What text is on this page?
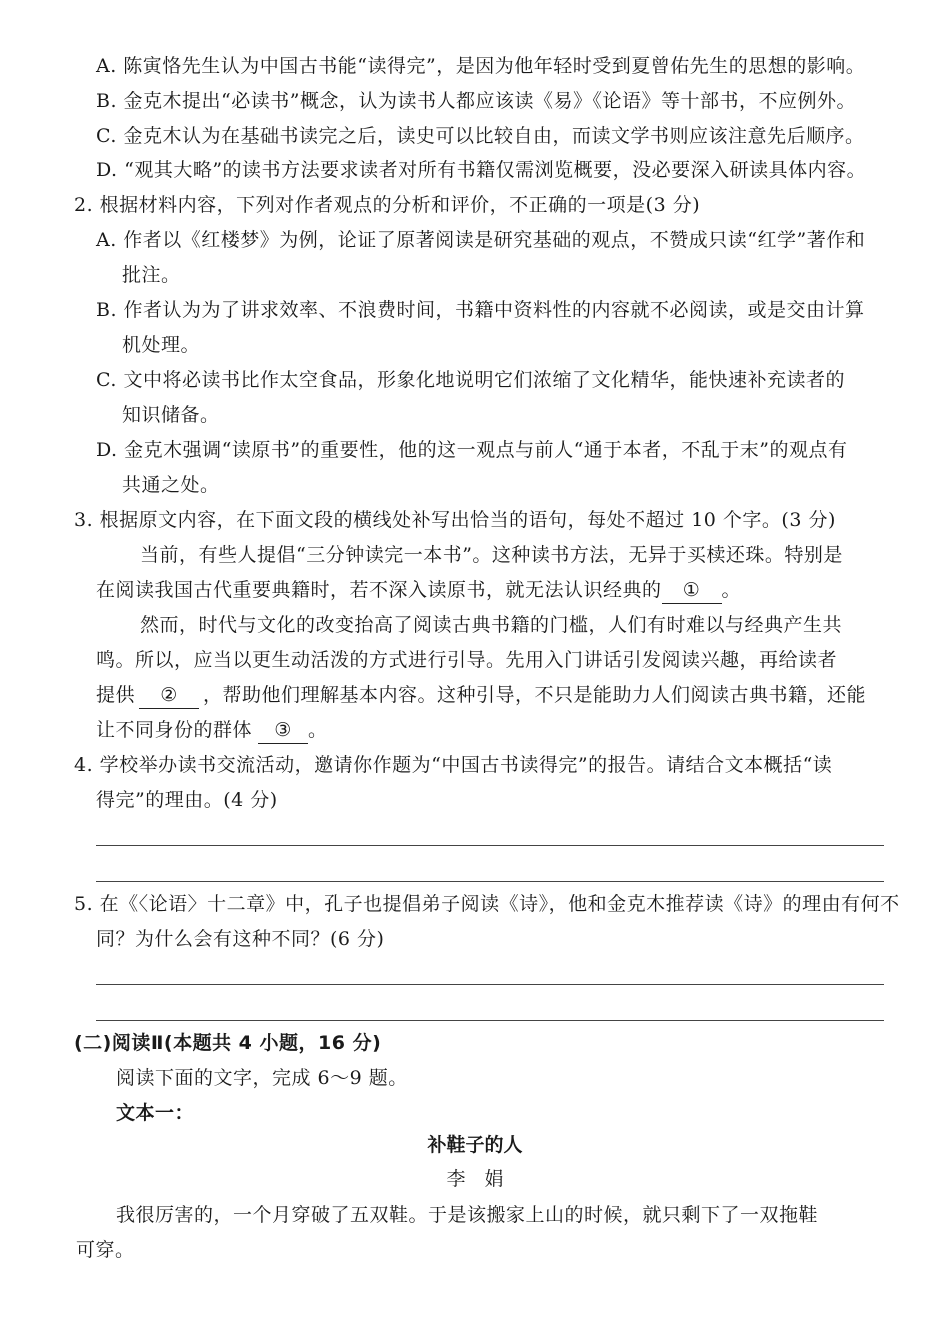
A. 陈寅恪先生认为中国古书能“读得完”，是因为他年轻时受到夏曾佑先生的思想的影响。
B. 金克木提出“必读书”概念，认为读书人都应该读《易》《论语》等十部书，不应例外。
C. 金克木认为在基础书读完之后，读史可以比较自由，而读文学书则应该注意先后顺序。
D. “观其大略”的读书方法要求读者对所有书籍仅需浏览概要，没必要深入研读具体内容。
2. 根据材料内容，下列对作者观点的分析和评价，不正确的一项是(3 分)
A. 作者以《红楼梦》为例，论证了原著阅读是研究基础的观点，不赞成只读“红学”著作和
批注。
B. 作者认为为了讲求效率、不浪费时间，书籍中资料性的内容就不必阅读，或是交由计算
机处理。
C. 文中将必读书比作太空食品，形象化地说明它们浓缩了文化精华，能快速补充读者的
知识储备。
D. 金克木强调“读原书”的重要性，他的这一观点与前人“通于本者，不乱于末”的观点有
共通之处。
3. 根据原文内容，在下面文段的横线处补写出恰当的语句，每处不超过 10 个字。(3 分)
当前，有些人提倡“三分钟读完一本书”。这种读书方法，无异于买椟还珠。特别是
在阅读我国古代重要典籍时，若不深入读原书，就无法认识经典的 ① 。
然而，时代与文化的改变抬高了阅读古典书籍的门槛，人们有时难以与经典产生共
鸣。所以，应当以更生动活泼的方式进行引导。先用入门讲话引发阅读兴趣，再给读者
提供 ② ，帮助他们理解基本内容。这种引导，不只是能助力人们阅读古典书籍，还能
让不同身份的群体 ③ 。
4. 学校举办读书交流活动，邀请你作题为“中国古书读得完”的报告。请结合文本概括“读
得完”的理由。(4 分)
5. 在《〈论语〉十二章》中，孔子也提倡弟子阅读《诗》，他和金克木推荐读《诗》的理由有何不
同？为什么会有这种不同？(6 分)
(二)阅读Ⅱ(本题共 4 小题，16 分)
阅读下面的文字，完成 6～9 题。
文本一：
补鞋子的人
李　娟
我很厉害的，一个月穿破了五双鞋。于是该搬家上山的时候，就只剩下了一双拖鞋
可穿。
